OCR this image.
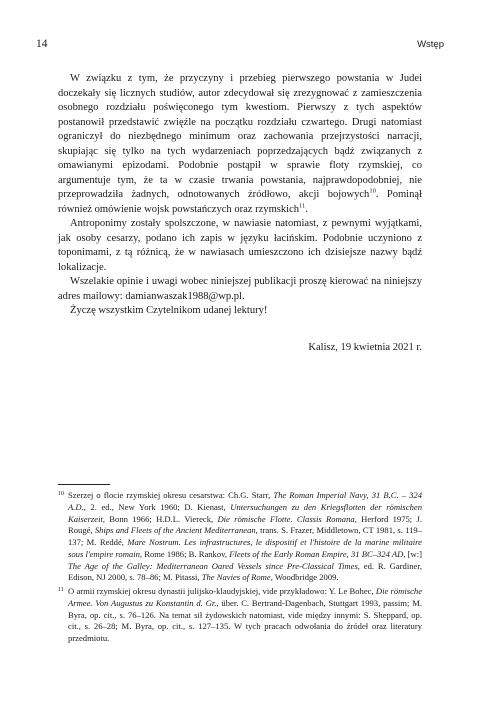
14	Wstęp

W związku z tym, że przyczyny i przebieg pierwszego powstania w Judei doczekały się licznych studiów, autor zdecydował się zrezygnować z zamieszczenia osobnego rozdziału poświęconego tym kwestiom. Pierwszy z tych aspektów postanowił przedstawić zwięźle na początku rozdziału czwartego. Drugi natomiast ograniczył do niezbędnego minimum oraz zachowania przejrzystości narracji, skupiając się tylko na tych wydarzeniach poprzedzających bądź związanych z omawianymi epizodami. Podobnie postąpił w sprawie floty rzymskiej, co argumentuje tym, że ta w czasie trwania powstania, najprawdopodobniej, nie przeprowadziła żadnych, odnotowanych źródłowo, akcji bojowych$^{10}$. Pominął również omówienie wojsk powstańczych oraz rzymskich$^{11}$.

Antroponimy zostały spolszczone, w nawiasie natomiast, z pewnymi wyjątkami, jak osoby cesarzy, podano ich zapis w języku łacińskim. Podobnie uczyniono z toponimami, z tą różnicą, że w nawiasach umieszczono ich dzisiejsze nazwy bądź lokalizacje.

Wszelakie opinie i uwagi wobec niniejszej publikacji proszę kierować na niniejszy adres mailowy: damianwaszak1988@wp.pl.

Życzę wszystkim Czytelnikom udanej lektury!

Kalisz, 19 kwietnia 2021 r.

10 Szerzej o flocie rzymskiej okresu cesarstwa: Ch.G. Starr, The Roman Imperial Navy, 31 B.C. – 324 A.D., 2. ed., New York 1960; D. Kienast, Untersuchungen zu den Kriegsflotten der römischen Kaiserzeit, Bonn 1966; H.D.L. Viereck, Die römische Flotte. Classis Romana, Herford 1975; J. Rougé, Ships and Fleets of the Ancient Mediterranean, trans. S. Frazer, Middletown, CT 1981, s. 119–137; M. Reddé, Mare Nostrum. Les infrastructures, le dispositif et l'histoire de la marine militaire sous l'empire romain, Rome 1986; B. Rankov, Fleets of the Early Roman Empire, 31 BC–324 AD, [w:] The Age of the Galley: Mediterranean Oared Vessels since Pre-Classical Times, ed. R. Gardiner, Edison, NJ 2000, s. 78–86; M. Pitassi, The Navies of Rome, Woodbridge 2009.

11 O armii rzymskiej okresu dynastii julijsko-klaudyjskiej, vide przykładowo: Y. Le Bohec, Die römische Armee. Von Augustus zu Konstantin d. Gr., über. C. Bertrand-Dagenbach, Stuttgart 1993, passim; M. Byra, op. cit., s. 76–126. Na temat sił żydowskich natomiast, vide między innymi: S. Sheppard, op. cit., s. 26–28; M. Byra, op. cit., s. 127–135. W tych pracach odwołania do źródeł oraz literatury przedmiotu.
